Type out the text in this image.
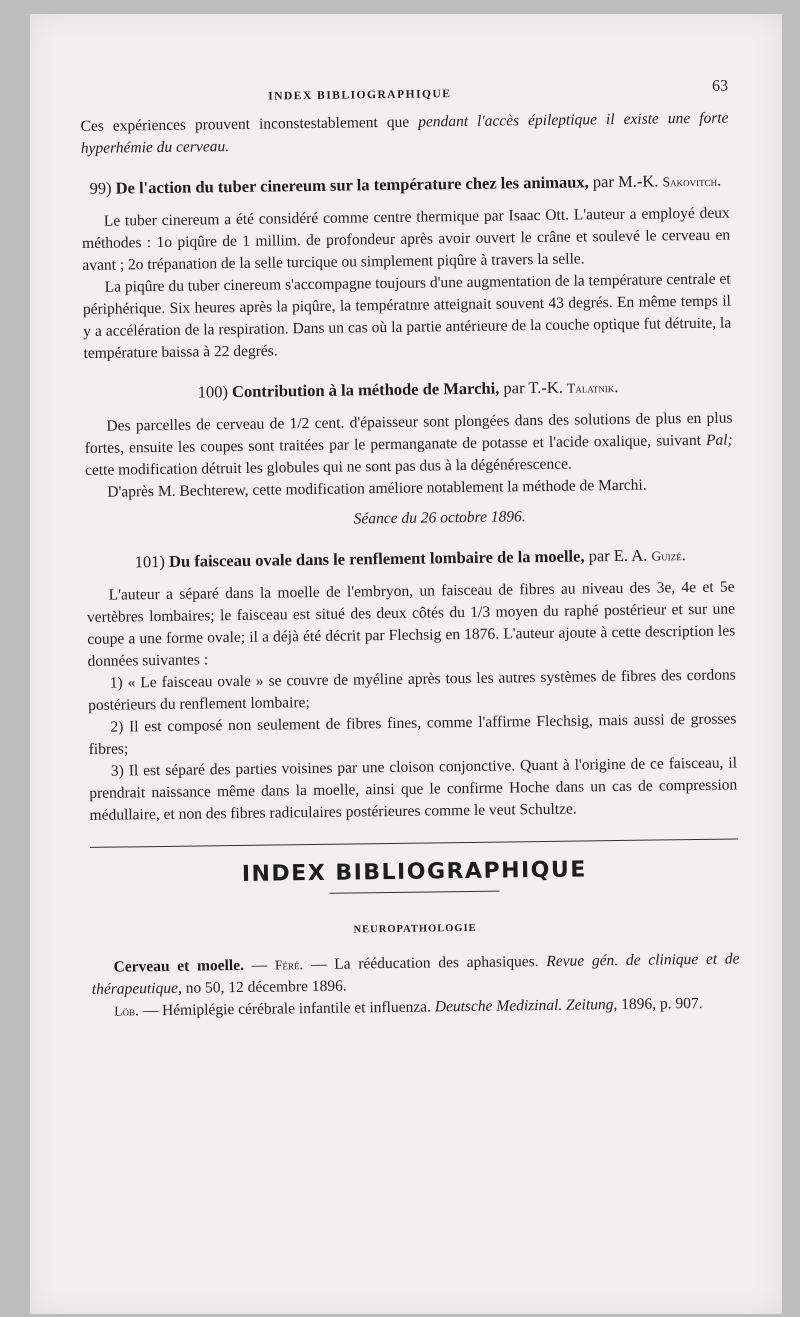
INDEX BIBLIOGRAPHIQUE
63

Ces expériences prouvent inconstestablement que pendant l'accès épileptique il existe une forte hyperhémie du cerveau.

99) De l'action du tuber cinereum sur la température chez les animaux, par M.-K. Sakovitch.

Le tuber cinereum a été considéré comme centre thermique par Isaac Ott. L'auteur a employé deux méthodes : 1o piqûre de 1 millim. de profondeur après avoir ouvert le crâne et soulevé le cerveau en avant ; 2o trépanation de la selle turcique ou simplement piqûre à travers la selle.

La piqûre du tuber cinereum s'accompagne toujours d'une augmentation de la température centrale et périphérique. Six heures après la piqûre, la températnre atteignait souvent 43 degrés. En même temps il y a accélération de la respiration. Dans un cas où la partie antérieure de la couche optique fut détruite, la température baissa à 22 degrés.

100) Contribution à la méthode de Marchi, par T.-K. Talatnik.

Des parcelles de cerveau de 1/2 cent. d'épaisseur sont plongées dans des solutions de plus en plus fortes, ensuite les coupes sont traitées par le permanganate de potasse et l'acide oxalique, suivant Pal; cette modification détruit les globules qui ne sont pas dus à la dégénérescence.

D'après M. Bechterew, cette modification améliore notablement la méthode de Marchi.

Séance du 26 octobre 1896.
101) Du faisceau ovale dans le renflement lombaire de la moelle, par E. A. Guizé.

L'auteur a séparé dans la moelle de l'embryon, un faisceau de fibres au niveau des 3e, 4e et 5e vertèbres lombaires; le faisceau est situé des deux côtés du 1/3 moyen du raphé postérieur et sur une coupe a une forme ovale; il a déjà été décrit par Flechsig en 1876. L'auteur ajoute à cette description les données suivantes :

1) « Le faisceau ovale » se couvre de myéline après tous les autres systèmes de fibres des cordons postérieurs du renflement lombaire;

2) Il est composé non seulement de fibres fines, comme l'affirme Flechsig, mais aussi de grosses fibres;

3) Il est séparé des parties voisines par une cloison conjonctive. Quant à l'origine de ce faisceau, il prendrait naissance même dans la moelle, ainsi que le confirme Hoche dans un cas de compression médullaire, et non des fibres radiculaires postérieures comme le veut Schultze.

INDEX BIBLIOGRAPHIQUE
NEUROPATHOLOGIE

Cerveau et moelle. — Féré. — La rééducation des aphasiques. Revue gén. de clinique et de thérapeutique, no 50, 12 décembre 1896.

Löb. — Hémiplégie cérébrale infantile et influenza. Deutsche Medizinal. Zeitung, 1896, p. 907.
